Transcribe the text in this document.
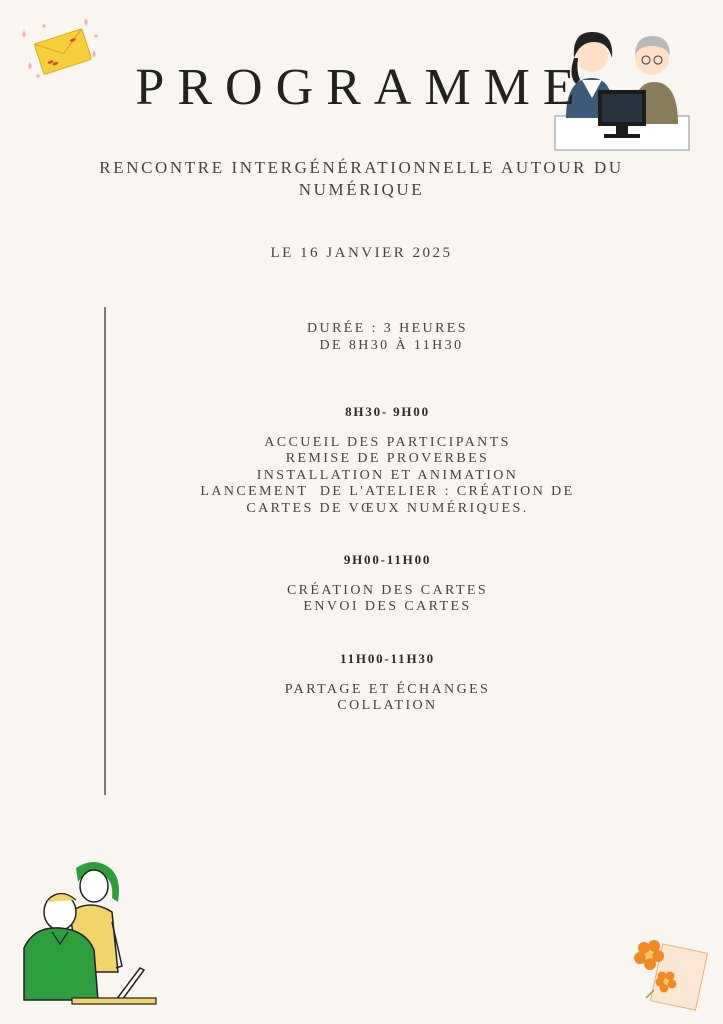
PROGRAMME
RENCONTRE INTERGÉNÉRATIONNELLE AUTOUR DU
NUMÉRIQUE
LE 16 JANVIER 2025
DURÉE : 3 HEURES
DE 8H30 À 11H30
8H30- 9H00
ACCUEIL DES PARTICIPANTS
REMISE DE PROVERBES
INSTALLATION ET ANIMATION
LANCEMENT  DE L'ATELIER : CRÉATION DE
CARTES DE VŒUX NUMÉRIQUES.
9H00-11H00
CRÉATION DES CARTES
ENVOI DES CARTES
11H00-11H30
PARTAGE ET ÉCHANGES
COLLATION
